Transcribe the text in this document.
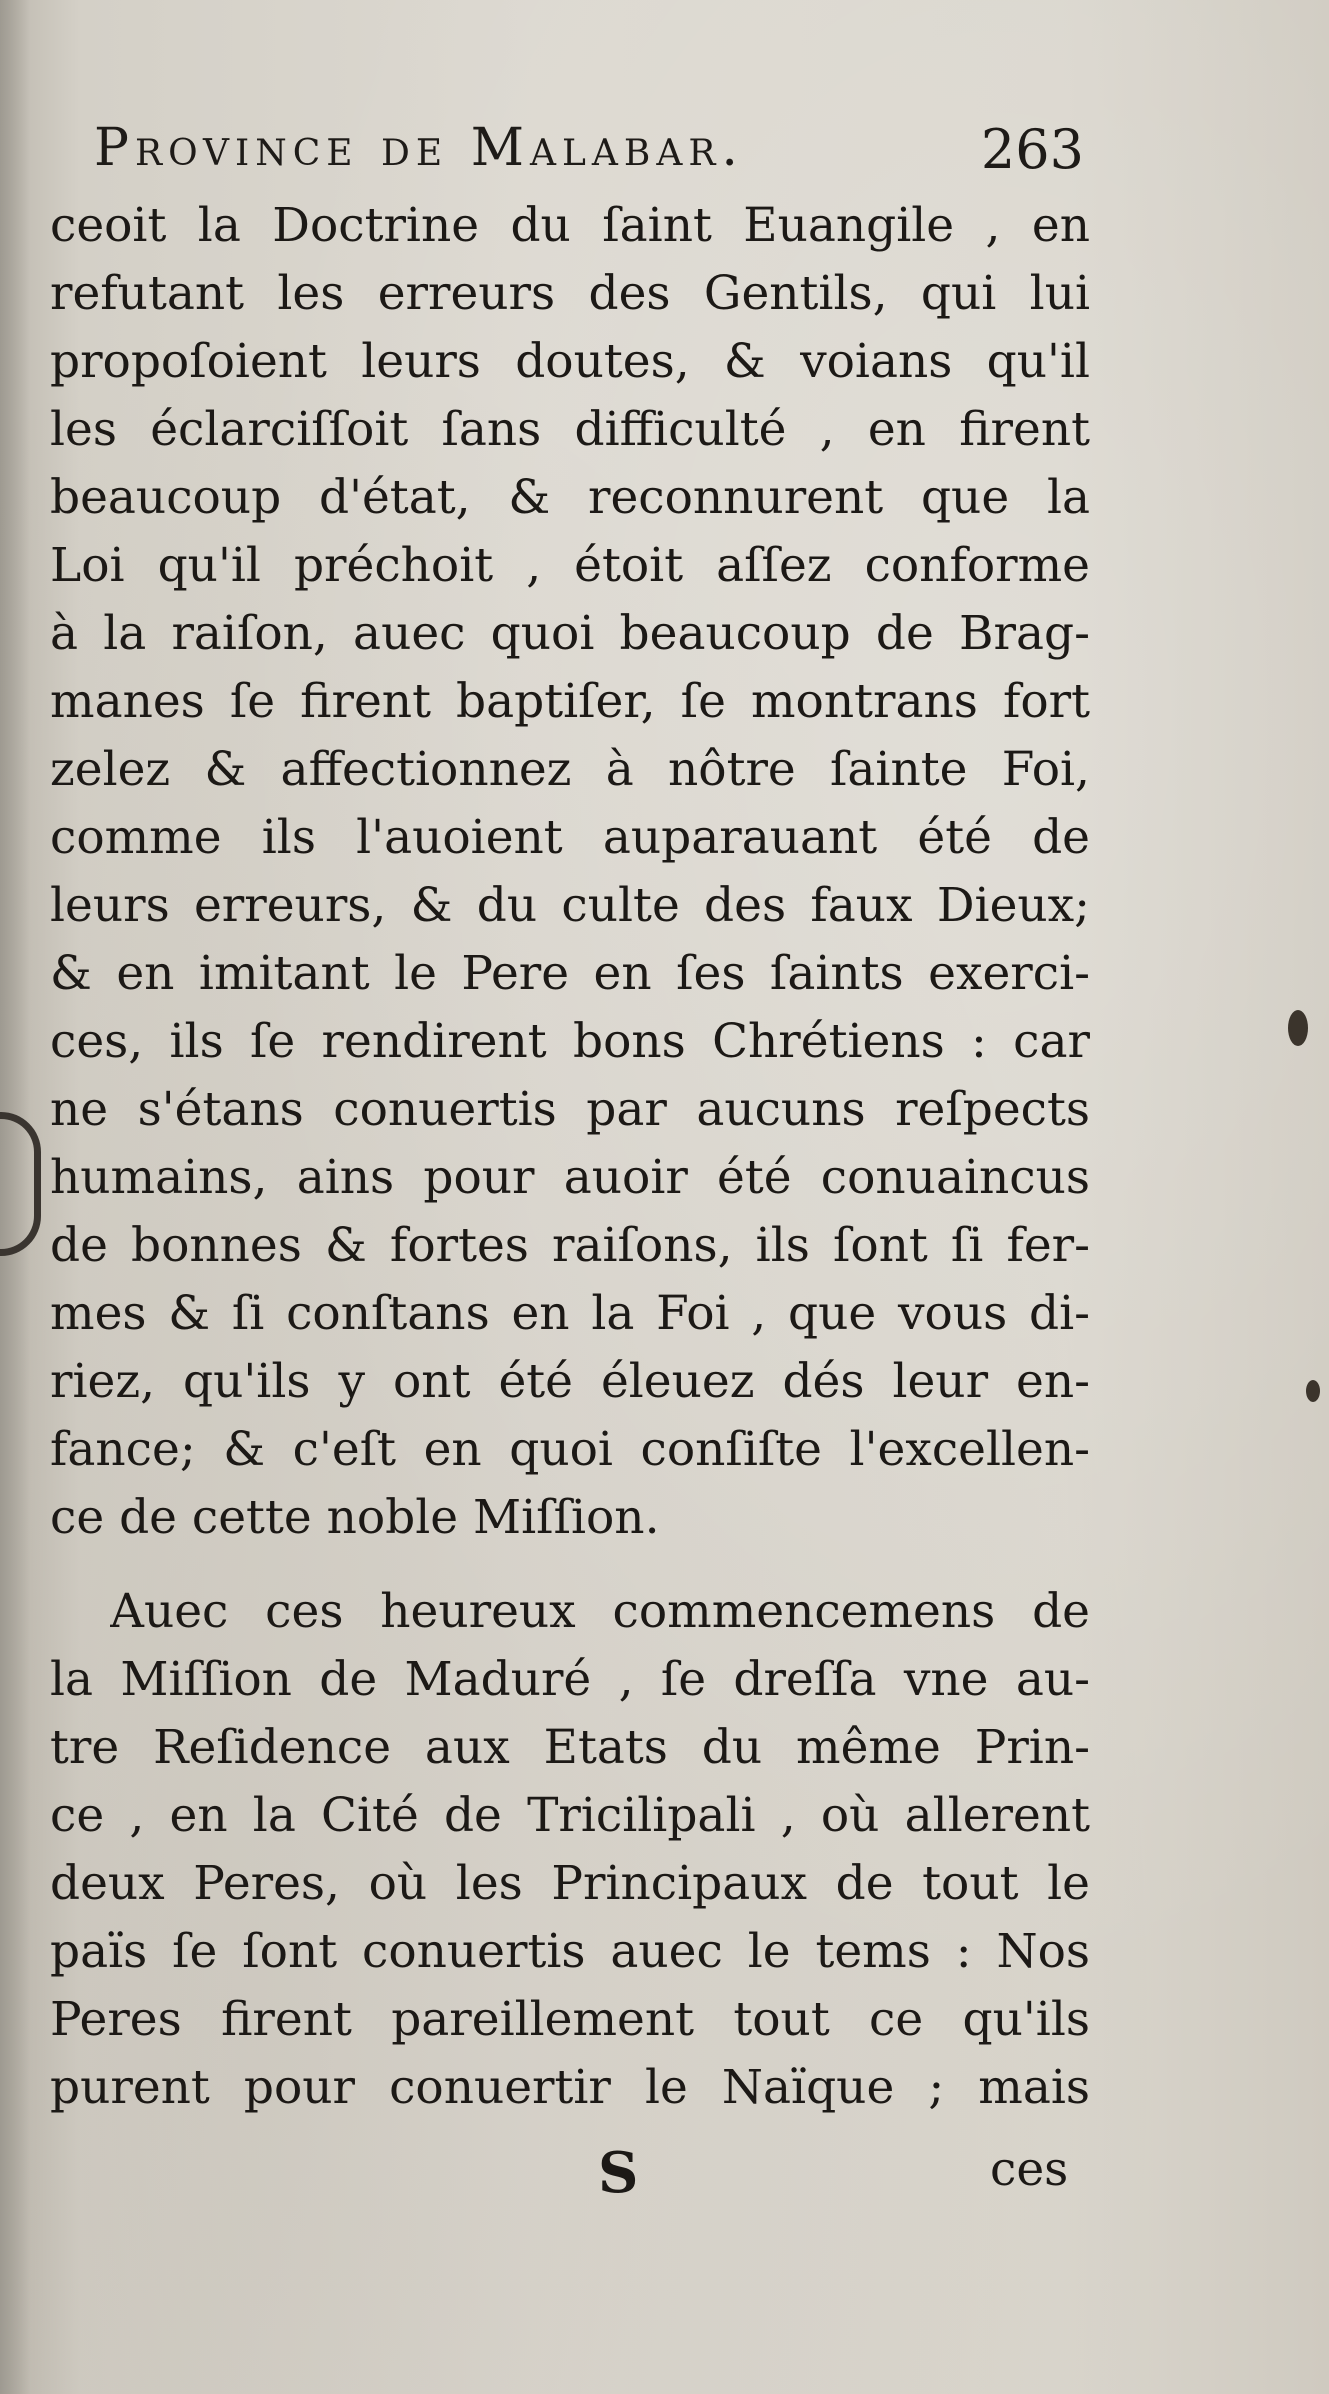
Province de Malabar.	263
ceoit la Doctrine du ſaint Euangile , en
refutant les erreurs des Gentils, qui lui
propoſoient leurs doutes, & voians qu'il
les éclarciſſoit ſans difficulté , en firent
beaucoup d'état, & reconnurent que la
Loi qu'il préchoit , étoit aſſez conforme
à la raiſon, auec quoi beaucoup de Brag-
manes ſe firent baptiſer, ſe montrans fort
zelez & affectionnez à nôtre ſainte Foi,
comme ils l'auoient auparauant été de
leurs erreurs, & du culte des faux Dieux;
& en imitant le Pere en ſes ſaints exerci-
ces, ils ſe rendirent bons Chrétiens : car
ne s'étans conuertis par aucuns reſpects
humains, ains pour auoir été conuaincus
de bonnes & fortes raiſons, ils ſont ſi fer-
mes & ſi conſtans en la Foi , que vous di-
riez, qu'ils y ont été éleuez dés leur en-
fance; & c'eſt en quoi conſiſte l'excellen-
ce de cette noble Miſſion.
Auec ces heureux commencemens de
la Miſſion de Maduré , ſe dreſſa vne au-
tre Reſidence aux Etats du même Prin-
ce , en la Cité de Tricilipali , où allerent
deux Peres, où les Principaux de tout le
païs ſe ſont conuertis auec le tems : Nos
Peres firent pareillement tout ce qu'ils
purent pour conuertir le Naïque ; mais
S	ces
